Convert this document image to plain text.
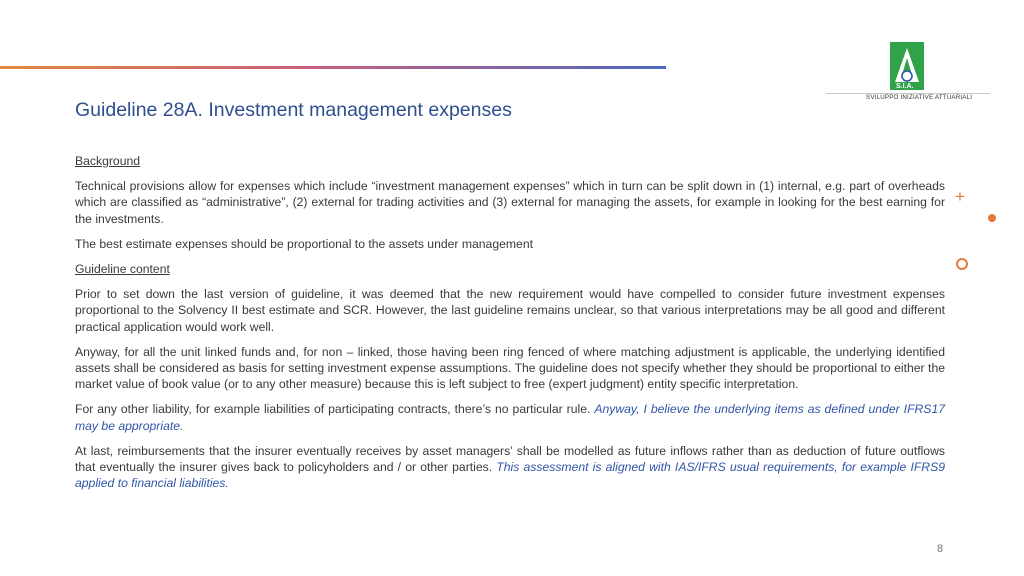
Guideline 28A. Investment management expenses
S.I.A.
SVILUPPO INIZIATIVE ATTUARIALI
+

Background

Technical provisions allow for expenses which include “investment management expenses” which in turn can be split down in (1) internal, e.g. part of overheads which are classified as “administrative”, (2) external for trading activities and (3) external for managing the assets, for example in looking for the best earning for the investments.

The best estimate expenses should be proportional to the assets under management

Guideline content

Prior to set down the last version of guideline, it was deemed that the new requirement would have compelled to consider future investment expenses proportional to the Solvency II best estimate and SCR. However, the last guideline remains unclear, so that various interpretations may be all good and different practical application would work well.

Anyway, for all the unit linked funds and, for non – linked, those having been ring fenced of where matching adjustment is applicable, the underlying identified assets shall be considered as basis for setting investment expense assumptions. The guideline does not specify whether they should be proportional to either the market value of book value (or to any other measure) because this is left subject to free (expert judgment) entity specific interpretation.

For any other liability, for example liabilities of participating contracts, there’s no particular rule. Anyway, I believe the underlying items as defined under IFRS17 may be appropriate.

At last, reimbursements that the insurer eventually receives by asset managers’ shall be modelled as future inflows rather than as deduction of future outflows that eventually the insurer gives back to policyholders and / or other parties. This assessment is aligned with IAS/IFRS usual requirements, for example IFRS9 applied to financial liabilities.

8
